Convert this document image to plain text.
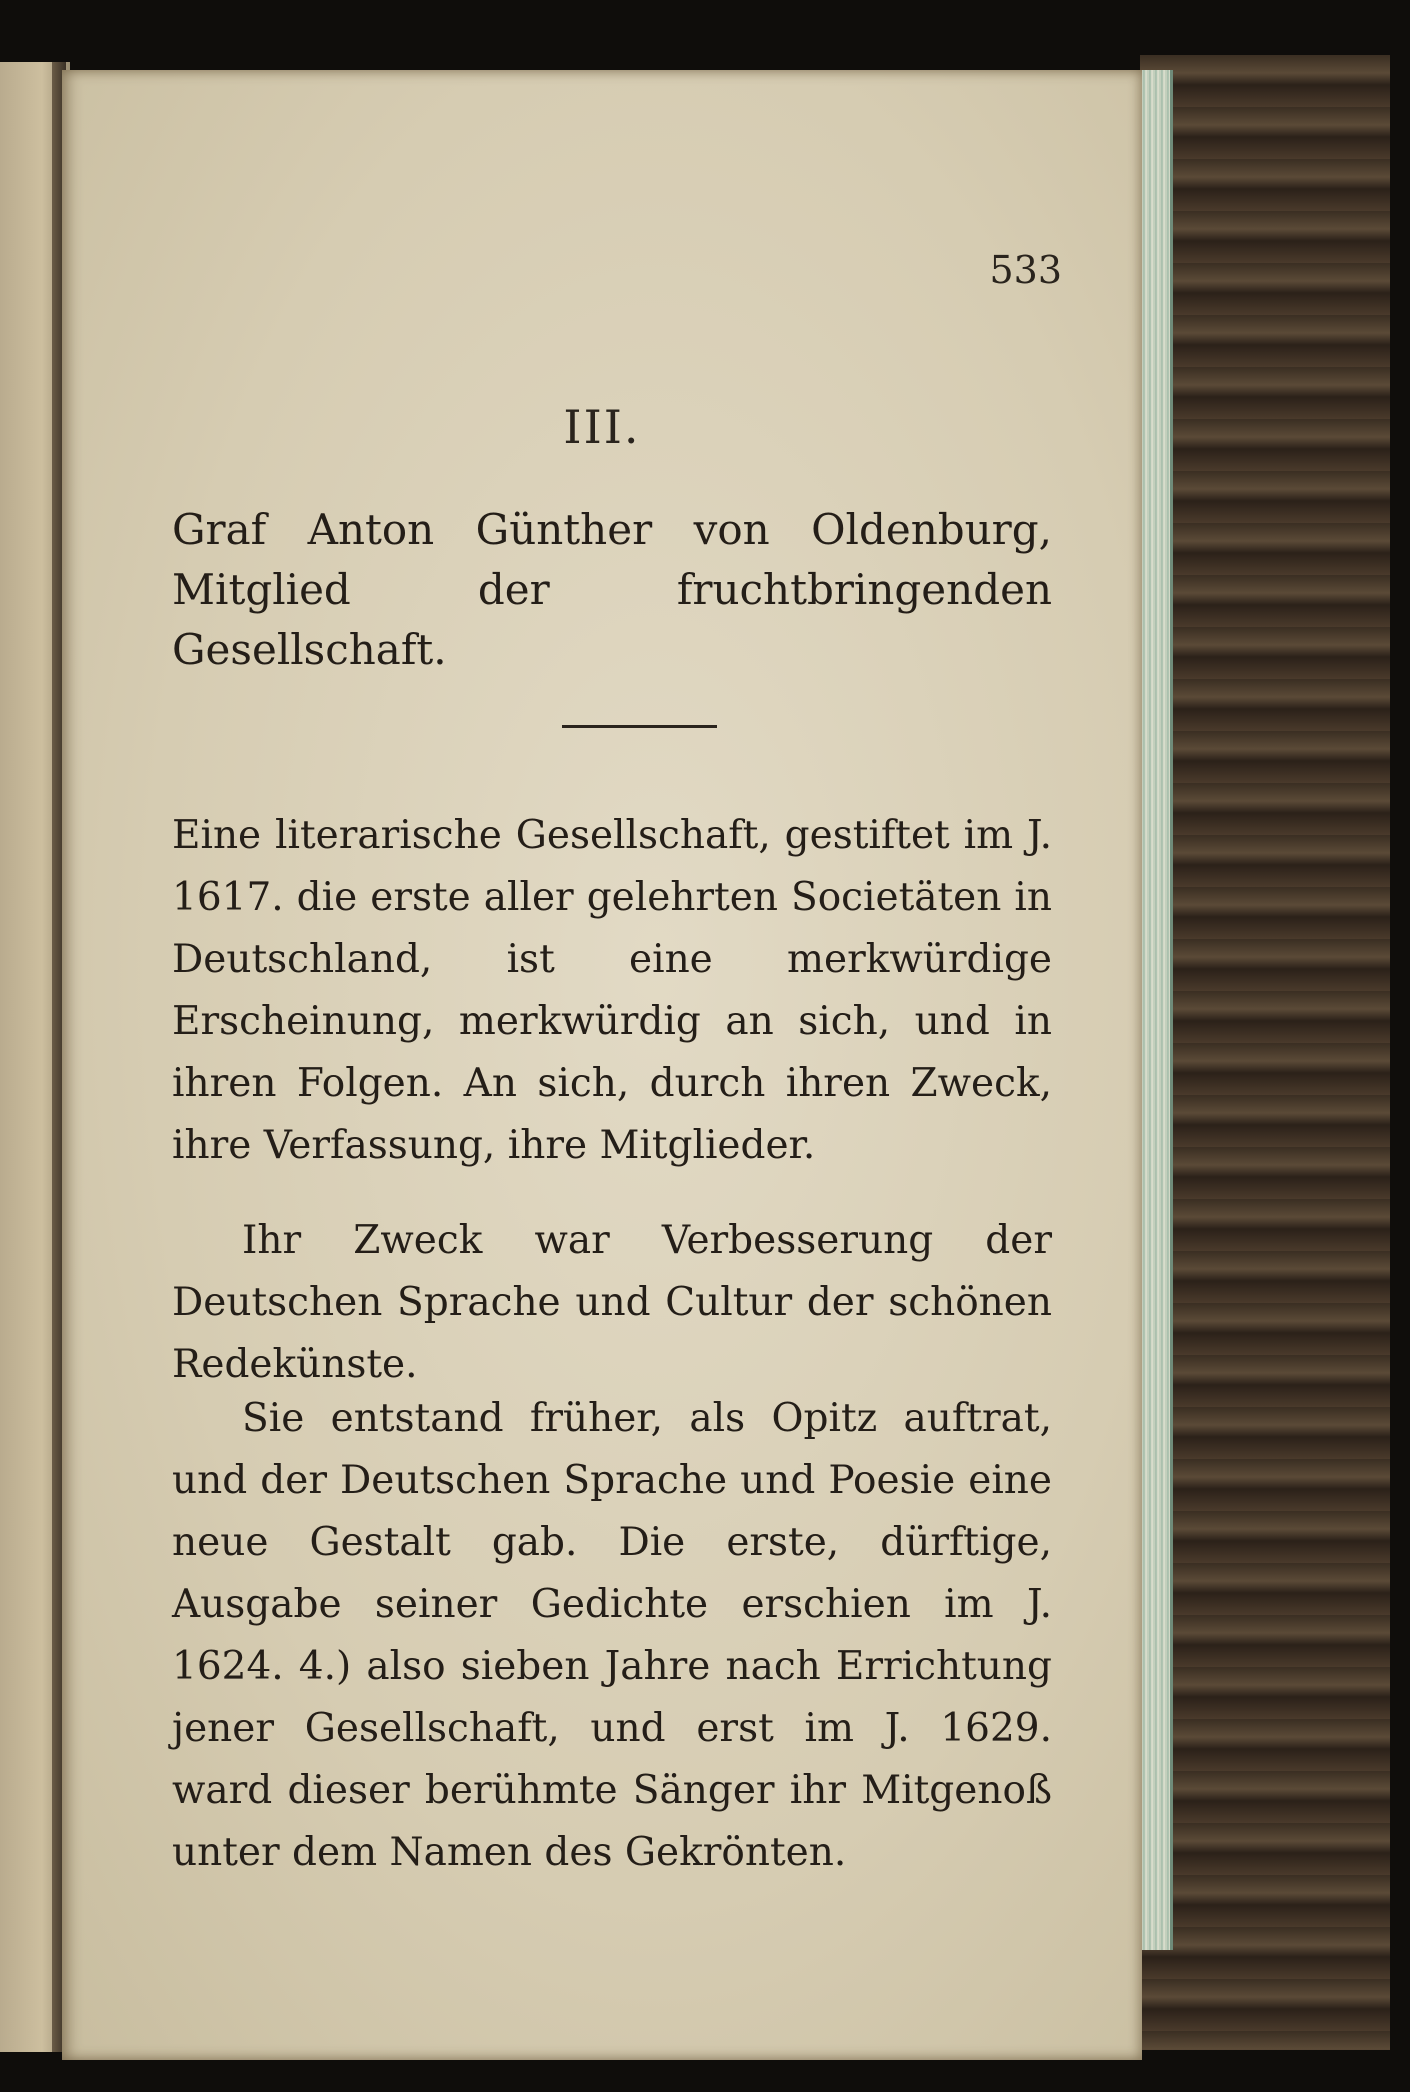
533
III.
Graf Anton Günther von Oldenburg, Mitglied der fruchtbringenden Gesellschaft.
Eine literarische Gesellschaft, gestiftet im J. 1617. die erste aller gelehrten Societäten in Deutschland, ist eine merkwürdige Erscheinung, merkwürdig an sich, und in ihren Folgen. An sich, durch ihren Zweck, ihre Verfassung, ihre Mitglieder.
Ihr Zweck war Verbesserung der Deutschen Sprache und Cultur der schönen Redekünste.
Sie entstand früher, als Opitz auftrat, und der Deutschen Sprache und Poesie eine neue Gestalt gab. Die erste, dürftige, Ausgabe seiner Gedichte erschien im J. 1624. 4.) also sieben Jahre nach Errichtung jener Gesellschaft, und erst im J. 1629. ward dieser berühmte Sänger ihr Mitgenoß unter dem Namen des Gekrönten.
